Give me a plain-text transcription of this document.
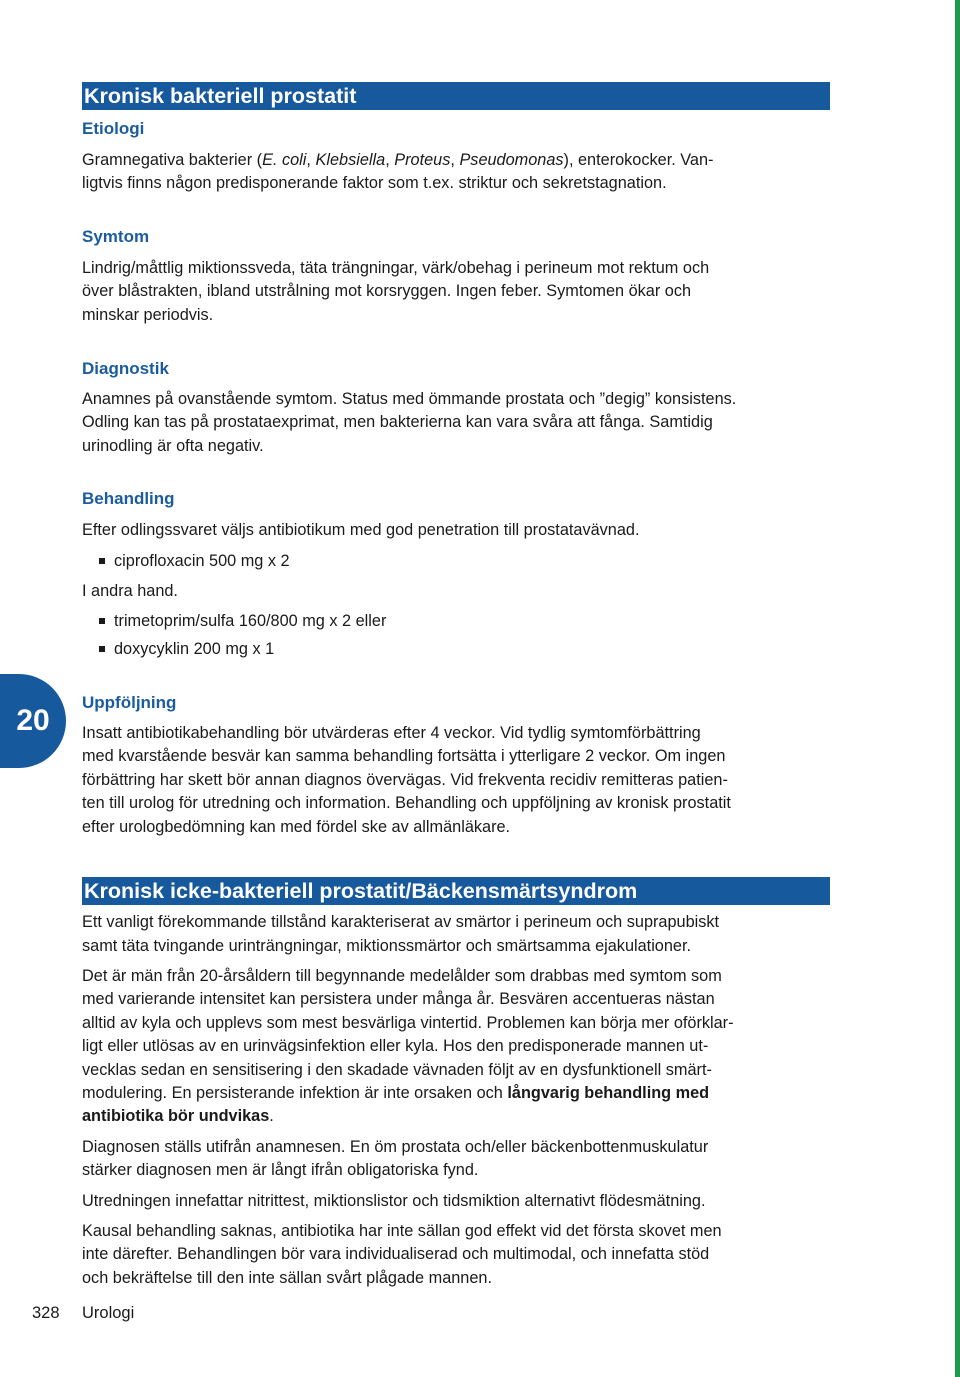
20
Kronisk bakteriell prostatit
Etiologi

Gramnegativa bakterier (E. coli, Klebsiella, Proteus, Pseudomonas), enterokocker. Van-
ligtvis finns någon predisponerande faktor som t.ex. striktur och sekretstagnation.

Symtom

Lindrig/måttlig miktionssveda, täta trängningar, värk/obehag i perineum mot rektum och
över blåstrakten, ibland utstrålning mot korsryggen. Ingen feber. Symtomen ökar och
minskar periodvis.

Diagnostik

Anamnes på ovanstående symtom. Status med ömmande prostata och ”degig” konsistens.
Odling kan tas på prostataexprimat, men bakterierna kan vara svåra att fånga. Samtidig
urinodling är ofta negativ.

Behandling

Efter odlingssvaret väljs antibiotikum med god penetration till prostatavävnad.

ciprofloxacin 500 mg x 2

I andra hand.

trimetoprim/sulfa 160/800 mg x 2 eller
doxycyklin 200 mg x 1
Uppföljning

Insatt antibiotikabehandling bör utvärderas efter 4 veckor. Vid tydlig symtomförbättring
med kvarstående besvär kan samma behandling fortsätta i ytterligare 2 veckor. Om ingen
förbättring har skett bör annan diagnos övervägas. Vid frekventa recidiv remitteras patien-
ten till urolog för utredning och information. Behandling och uppföljning av kronisk prostatit
efter urologbedömning kan med fördel ske av allmänläkare.

Kronisk icke-bakteriell prostatit/Bäckensmärtsyndrom

Ett vanligt förekommande tillstånd karakteriserat av smärtor i perineum och suprapubiskt
samt täta tvingande urinträngningar, miktionssmärtor och smärtsamma ejakulationer.

Det är män från 20-årsåldern till begynnande medelålder som drabbas med symtom som
med varierande intensitet kan persistera under många år. Besvären accentueras nästan
alltid av kyla och upplevs som mest besvärliga vintertid. Problemen kan börja mer oförklar-
ligt eller utlösas av en urinvägsinfektion eller kyla. Hos den predisponerade mannen ut-
vecklas sedan en sensitisering i den skadade vävnaden följt av en dysfunktionell smärt-
modulering. En persisterande infektion är inte orsaken och långvarig behandling med
antibiotika bör undvikas.

Diagnosen ställs utifrån anamnesen. En öm prostata och/eller bäckenbottenmuskulatur
stärker diagnosen men är långt ifrån obligatoriska fynd.

Utredningen innefattar nitrittest, miktionslistor och tidsmiktion alternativt flödesmätning.

Kausal behandling saknas, antibiotika har inte sällan god effekt vid det första skovet men
inte därefter. Behandlingen bör vara individualiserad och multimodal, och innefatta stöd
och bekräftelse till den inte sällan svårt plågade mannen.

328 Urologi
